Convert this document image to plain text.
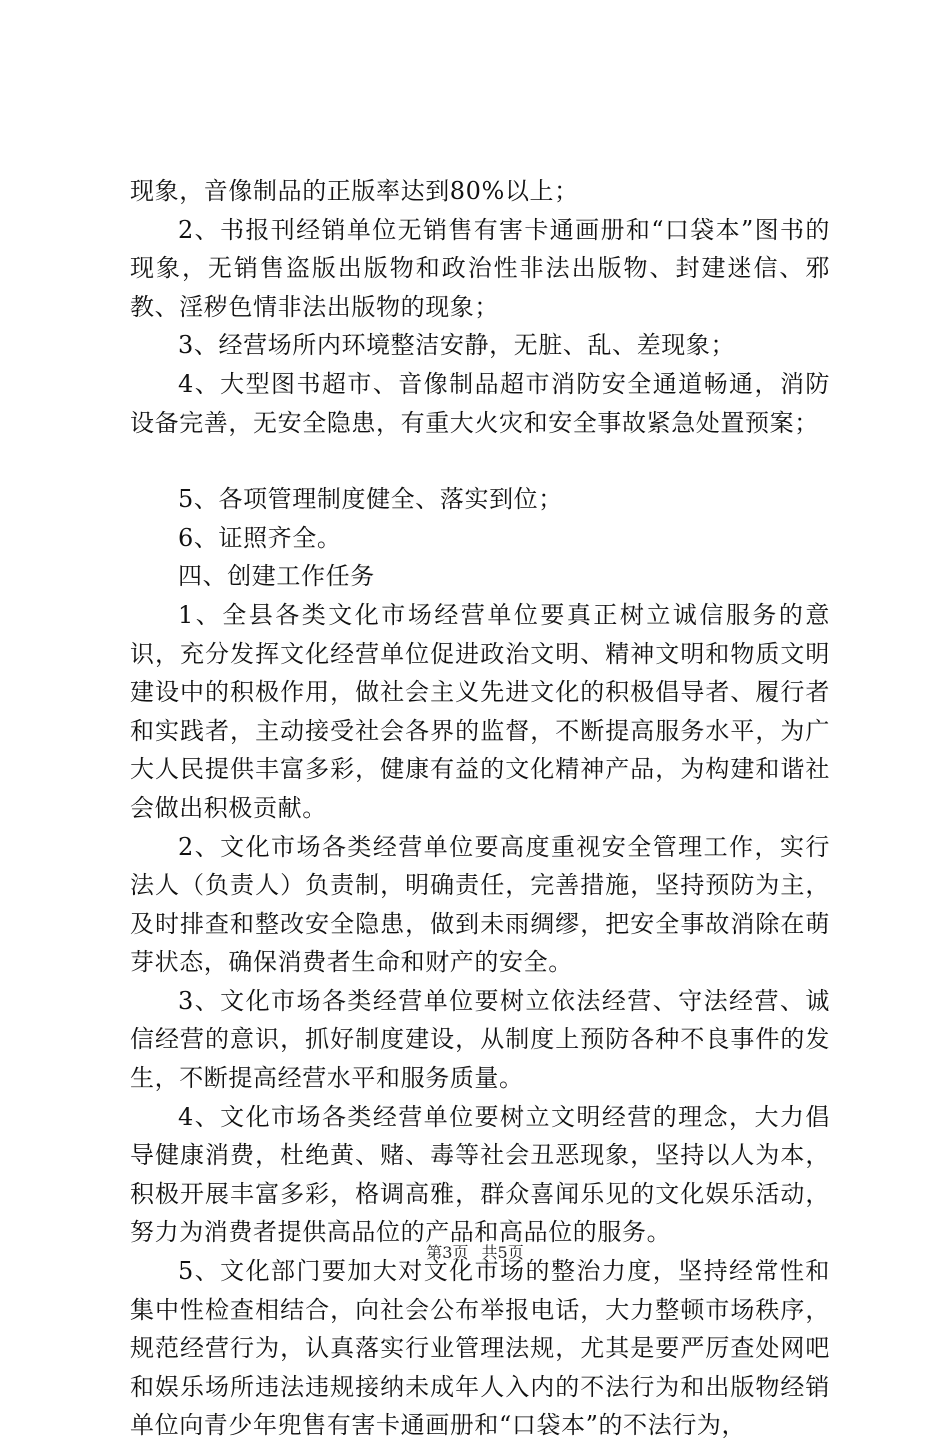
现象，音像制品的正版率达到80%以上；

2、书报刊经销单位无销售有害卡通画册和“口袋本”图书的现象，无销售盗版出版物和政治性非法出版物、封建迷信、邪教、淫秽色情非法出版物的现象；

3、经营场所内环境整洁安静，无脏、乱、差现象；

4、大型图书超市、音像制品超市消防安全通道畅通，消防设备完善，无安全隐患，有重大火灾和安全事故紧急处置预案；

5、各项管理制度健全、落实到位；

6、证照齐全。

四、创建工作任务

1、全县各类文化市场经营单位要真正树立诚信服务的意识，充分发挥文化经营单位促进政治文明、精神文明和物质文明建设中的积极作用，做社会主义先进文化的积极倡导者、履行者和实践者，主动接受社会各界的监督，不断提高服务水平，为广大人民提供丰富多彩，健康有益的文化精神产品，为构建和谐社会做出积极贡献。

2、文化市场各类经营单位要高度重视安全管理工作，实行法人（负责人）负责制，明确责任，完善措施，坚持预防为主，及时排查和整改安全隐患，做到未雨绸缪，把安全事故消除在萌芽状态，确保消费者生命和财产的安全。

3、文化市场各类经营单位要树立依法经营、守法经营、诚信经营的意识，抓好制度建设，从制度上预防各种不良事件的发生，不断提高经营水平和服务质量。

4、文化市场各类经营单位要树立文明经营的理念，大力倡导健康消费，杜绝黄、赌、毒等社会丑恶现象，坚持以人为本，积极开展丰富多彩，格调高雅，群众喜闻乐见的文化娱乐活动，努力为消费者提供高品位的产品和高品位的服务。

5、文化部门要加大对文化市场的整治力度，坚持经常性和集中性检查相结合，向社会公布举报电话，大力整顿市场秩序，规范经营行为，认真落实行业管理法规，尤其是要严厉查处网吧和娱乐场所违法违规接纳未成年人入内的不法行为和出版物经销单位向青少年兜售有害卡通画册和“口袋本”的不法行为，

第3页 共5页
